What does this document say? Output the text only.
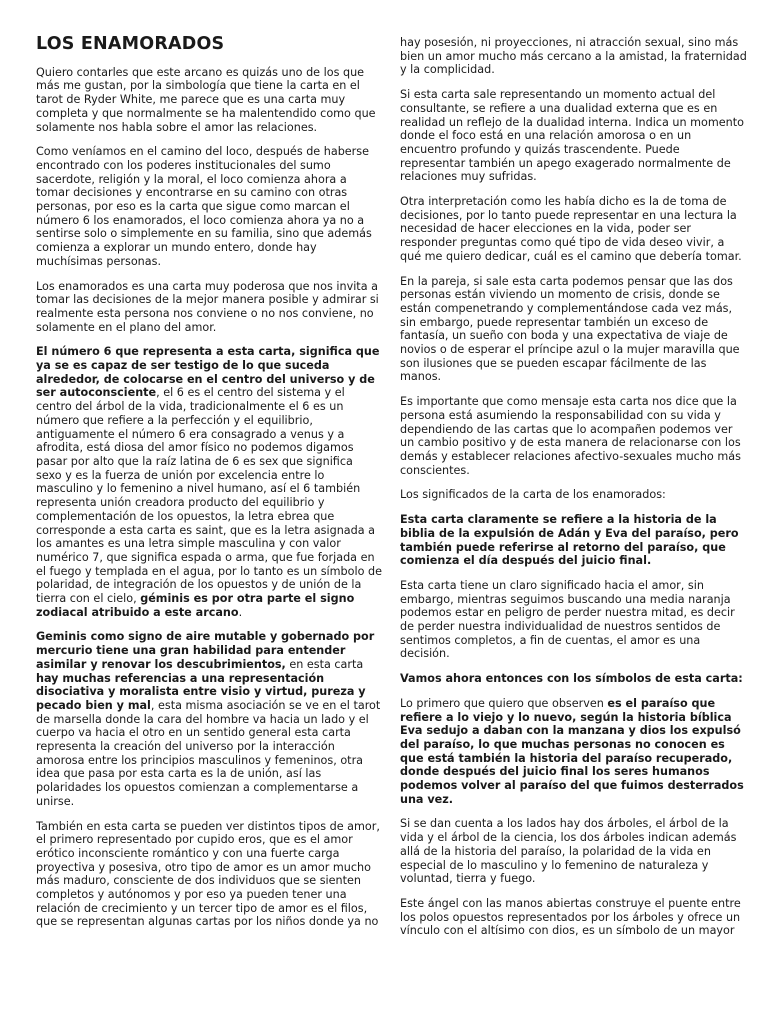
LOS ENAMORADOS

Quiero contarles que este arcano es quizás uno de los que más me gustan, por la simbología que tiene la carta en el tarot de Ryder White, me parece que es una carta muy completa y que normalmente se ha malentendido como que solamente nos habla sobre el amor las relaciones.

Como veníamos en el camino del loco, después de haberse encontrado con los poderes institucionales del sumo sacerdote, religión y la moral, el loco comienza ahora a tomar decisiones y encontrarse en su camino con otras personas, por eso es la carta que sigue como marcan el número 6 los enamorados, el loco comienza ahora ya no a sentirse solo o simplemente en su familia, sino que además comienza a explorar un mundo entero, donde hay muchísimas personas.

Los enamorados es una carta muy poderosa que nos invita a tomar las decisiones de la mejor manera posible y admirar si realmente esta persona nos conviene o no nos conviene, no solamente en el plano del amor.

El número 6 que representa a esta carta, significa que ya se es capaz de ser testigo de lo que suceda alrededor, de colocarse en el centro del universo y de ser autoconsciente, el 6 es el centro del sistema y el centro del árbol de la vida, tradicionalmente el 6 es un número que refiere a la perfección y el equilibrio, antiguamente el número 6 era consagrado a venus y a afrodita, está diosa del amor físico no podemos digamos pasar por alto que la raíz latina de 6 es sex que significa sexo y es la fuerza de unión por excelencia entre lo masculino y lo femenino a nivel humano, así el 6 también representa unión creadora producto del equilibrio y complementación de los opuestos, la letra ebrea que corresponde a esta carta es saint, que es la letra asignada a los amantes es una letra simple masculina y con valor numérico 7, que significa espada o arma, que fue forjada en el fuego y templada en el agua, por lo tanto es un símbolo de polaridad, de integración de los opuestos y de unión de la tierra con el cielo, géminis es por otra parte el signo zodiacal atribuido a este arcano.

Geminis como signo de aire mutable y gobernado por mercurio tiene una gran habilidad para entender asimilar y renovar los descubrimientos, en esta carta hay muchas referencias a una representación disociativa y moralista entre visio y virtud, pureza y pecado bien y mal, esta misma asociación se ve en el tarot de marsella donde la cara del hombre va hacia un lado y el cuerpo va hacia el otro en un sentido general esta carta representa la creación del universo por la interacción amorosa entre los principios masculinos y femeninos, otra idea que pasa por esta carta es la de unión, así las polaridades los opuestos comienzan a complementarse a unirse.

También en esta carta se pueden ver distintos tipos de amor, el primero representado por cupido eros, que es el amor erótico inconsciente romántico y con una fuerte carga proyectiva y posesiva, otro tipo de amor es un amor mucho más maduro, consciente de dos individuos que se sienten completos y autónomos y por eso ya pueden tener una relación de crecimiento y un tercer tipo de amor es el filos, que se representan algunas cartas por los niños donde ya no

hay posesión, ni proyecciones, ni atracción sexual, sino más bien un amor mucho más cercano a la amistad, la fraternidad y la complicidad.

Si esta carta sale representando un momento actual del consultante, se refiere a una dualidad externa que es en realidad un reflejo de la dualidad interna. Indica un momento donde el foco está en una relación amorosa o en un encuentro profundo y quizás trascendente. Puede representar también un apego exagerado normalmente de relaciones muy sufridas.

Otra interpretación como les había dicho es la de toma de decisiones, por lo tanto puede representar en una lectura la necesidad de hacer elecciones en la vida, poder ser responder preguntas como qué tipo de vida deseo vivir, a qué me quiero dedicar, cuál es el camino que debería tomar.

En la pareja, si sale esta carta podemos pensar que las dos personas están viviendo un momento de crisis, donde se están compenetrando y complementándose cada vez más, sin embargo, puede representar también un exceso de fantasía, un sueño con boda y una expectativa de viaje de novios o de esperar el príncipe azul o la mujer maravilla que son ilusiones que se pueden escapar fácilmente de las manos.

Es importante que como mensaje esta carta nos dice que la persona está asumiendo la responsabilidad con su vida y dependiendo de las cartas que lo acompañen podemos ver un cambio positivo y de esta manera de relacionarse con los demás y establecer relaciones afectivo-sexuales mucho más conscientes.

Los significados de la carta de los enamorados:

Esta carta claramente se refiere a la historia de la biblia de la expulsión de Adán y Eva del paraíso, pero también puede referirse al retorno del paraíso, que comienza el día después del juicio final.

Esta carta tiene un claro significado hacia el amor, sin embargo, mientras seguimos buscando una media naranja podemos estar en peligro de perder nuestra mitad, es decir de perder nuestra individualidad de nuestros sentidos de sentimos completos, a fin de cuentas, el amor es una decisión.

Vamos ahora entonces con los símbolos de esta carta:

Lo primero que quiero que observen es el paraíso que refiere a lo viejo y lo nuevo, según la historia bíblica Eva sedujo a daban con la manzana y dios los expulsó del paraíso, lo que muchas personas no conocen es que está también la historia del paraíso recuperado, donde después del juicio final los seres humanos podemos volver al paraíso del que fuimos desterrados una vez.

Si se dan cuenta a los lados hay dos árboles, el árbol de la vida y el árbol de la ciencia, los dos árboles indican además allá de la historia del paraíso, la polaridad de la vida en especial de lo masculino y lo femenino de naturaleza y voluntad, tierra y fuego.

Este ángel con las manos abiertas construye el puente entre los polos opuestos representados por los árboles y ofrece un vínculo con el altísimo con dios, es un símbolo de un mayor
